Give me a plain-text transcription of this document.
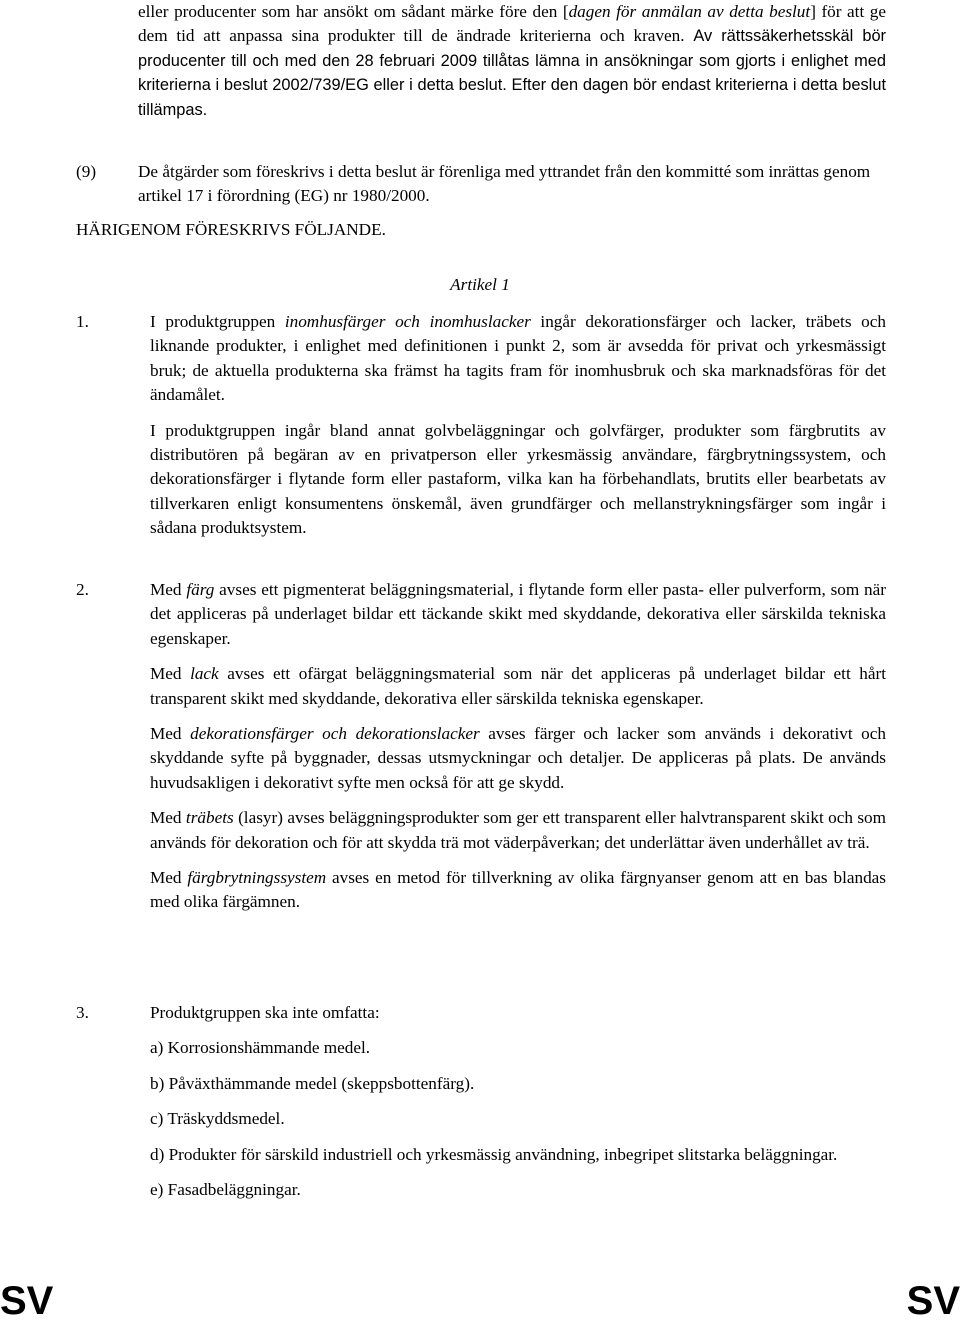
eller producenter som har ansökt om sådant märke före den [dagen för anmälan av detta beslut] för att ge dem tid att anpassa sina produkter till de ändrade kriterierna och kraven. Av rättssäkerhetsskäl bör producenter till och med den 28 februari 2009 tillåtas lämna in ansökningar som gjorts i enlighet med kriterierna i beslut 2002/739/EG eller i detta beslut. Efter den dagen bör endast kriterierna i detta beslut tillämpas.

(9) De åtgärder som föreskrivs i detta beslut är förenliga med yttrandet från den kommitté som inrättas genom artikel 17 i förordning (EG) nr 1980/2000.

HÄRIGENOM FÖRESKRIVS FÖLJANDE.
Artikel 1
1.	I produktgruppen inomhusfärger och inomhuslacker ingår dekorationsfärger och lacker, träbets och liknande produkter, i enlighet med definitionen i punkt 2, som är avsedda för privat och yrkesmässigt bruk; de aktuella produkterna ska främst ha tagits fram för inomhusbruk och ska marknadsföras för det ändamålet.

I produktgruppen ingår bland annat golvbeläggningar och golvfärger, produkter som färgbrutits av distributören på begäran av en privatperson eller yrkesmässig användare, färgbrytningssystem, och dekorationsfärger i flytande form eller pastaform, vilka kan ha förbehandlats, brutits eller bearbetats av tillverkaren enligt konsumentens önskemål, även grundfärger och mellanstrykningsfärger som ingår i sådana produktsystem.

2.	Med färg avses ett pigmenterat beläggningsmaterial, i flytande form eller pasta- eller pulverform, som när det appliceras på underlaget bildar ett täckande skikt med skyddande, dekorativa eller särskilda tekniska egenskaper.

Med lack avses ett ofärgat beläggningsmaterial som när det appliceras på underlaget bildar ett hårt transparent skikt med skyddande, dekorativa eller särskilda tekniska egenskaper.

Med dekorationsfärger och dekorationslacker avses färger och lacker som används i dekorativt och skyddande syfte på byggnader, dessas utsmyckningar och detaljer. De appliceras på plats. De används huvudsakligen i dekorativt syfte men också för att ge skydd.

Med träbets (lasyr) avses beläggningsprodukter som ger ett transparent eller halvtransparent skikt och som används för dekoration och för att skydda trä mot väderpåverkan; det underlättar även underhållet av trä.

Med färgbrytningssystem avses en metod för tillverkning av olika färgnyanser genom att en bas blandas med olika färgämnen.

3.	Produktgruppen ska inte omfatta:

a) Korrosionshämmande medel.

b) Påväxthämmande medel (skeppsbottenfärg).

c) Träskyddsmedel.

d) Produkter för särskild industriell och yrkesmässig användning, inbegripet slitstarka beläggningar.

e) Fasadbeläggningar.

SV	SV
